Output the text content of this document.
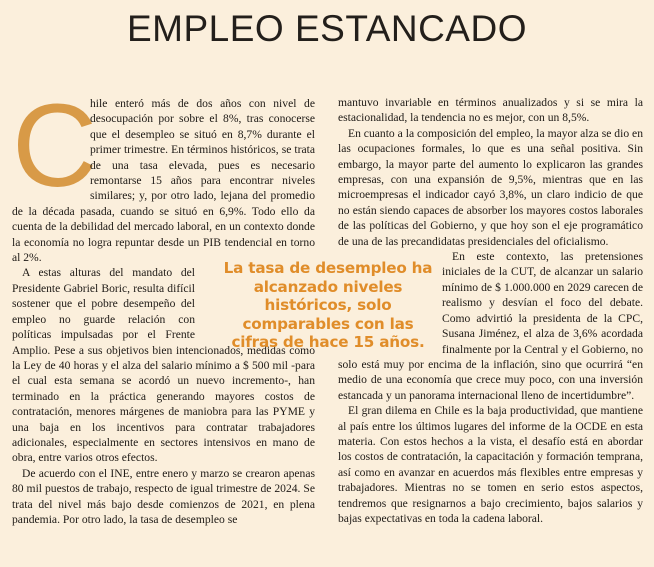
EMPLEO ESTANCADO
C

hile enteró más de dos años con nivel de desocupación por sobre el 8%, tras conocerse que el desempleo se situó en 8,7% durante el primer trimestre. En términos históricos, se trata de una tasa elevada, pues es necesario remontarse 15 años para encontrar niveles similares; y, por otro lado, lejana del promedio de la década pasada, cuando se situó en 6,9%. Todo ello da cuenta de la debilidad del mercado laboral, en un contexto donde la economía no logra repuntar desde un PIB tendencial en torno al 2%.

A estas alturas del mandato del Presidente Gabriel Boric, resulta difícil sostener que el pobre desempeño del empleo no guarde relación con políticas impulsadas por el Frente Amplio. Pese a sus objetivos bien intencionados, medidas como la Ley de 40 horas y el alza del salario mínimo a $ 500 mil -para el cual esta semana se acordó un nuevo incremento-, han terminado en la práctica generando mayores costos de contratación, menores márgenes de maniobra para las PYME y una baja en los incentivos para contratar trabajadores adicionales, especialmente en sectores intensivos en mano de obra, entre varios otros efectos.

De acuerdo con el INE, entre enero y marzo se crearon apenas 80 mil puestos de trabajo, respecto de igual trimestre de 2024. Se trata del nivel más bajo desde comienzos de 2021, en plena pandemia. Por otro lado, la tasa de desempleo se

mantuvo invariable en términos anualizados y si se mira la estacionalidad, la tendencia no es mejor, con un 8,5%.

En cuanto a la composición del empleo, la mayor alza se dio en las ocupaciones formales, lo que es una señal positiva. Sin embargo, la mayor parte del aumento lo explicaron las grandes empresas, con una expansión de 9,5%, mientras que en las microempresas el indicador cayó 3,8%, un claro indicio de que no están siendo capaces de absorber los mayores costos laborales de las políticas del Gobierno, y que hoy son el eje programático de una de las precandidatas presidenciales del oficialismo.

En este contexto, las pretensiones iniciales de la CUT, de alcanzar un salario mínimo de $ 1.000.000 en 2029 carecen de realismo y desvían el foco del debate. Como advirtió la presidenta de la CPC, Susana Jiménez, el alza de 3,6% acordada finalmente por la Central y el Gobierno, no solo está muy por encima de la inflación, sino que ocurrirá “en medio de una economía que crece muy poco, con una inversión estancada y un panorama internacional lleno de incertidumbre”.

El gran dilema en Chile es la baja productividad, que mantiene al país entre los últimos lugares del informe de la OCDE en esta materia. Con estos hechos a la vista, el desafío está en abordar los costos de contratación, la capacitación y formación temprana, así como en avanzar en acuerdos más flexibles entre empresas y trabajadores. Mientras no se tomen en serio estos aspectos, tendremos que resignarnos a bajo crecimiento, bajos salarios y bajas expectativas en toda la cadena laboral.

La tasa de desempleo ha alcanzado niveles históricos, solo comparables con las cifras de hace 15 años.
